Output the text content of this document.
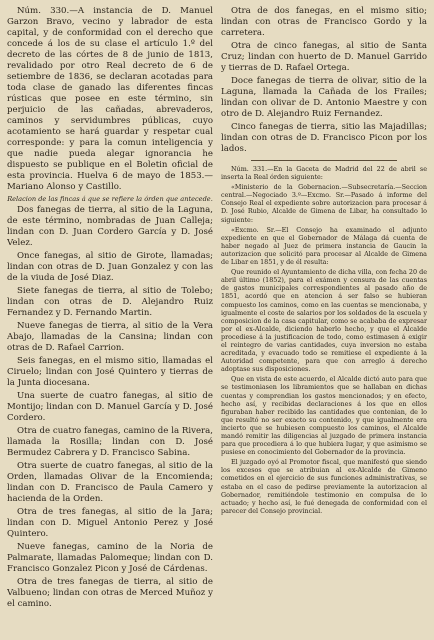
Núm. 330.—A instancia de D. Manuel Garzon Bravo, vecino y labrador de esta capital, y de conformidad con el derecho que concede á los de su clase el artículo 1.º del decreto de las córtes de 8 de junio de 1813, revalidado por otro Real decreto de 6 de setiembre de 1836, se declaran acotadas para toda clase de ganado las diferentes fincas rústicas que posee en este término, sin perjuicio de las cañadas, abrevaderos, caminos y servidumbres públicas, cuyo acotamiento se hará guardar y respetar cual corresponde: y para la comun inteligencia y que nadie pueda alegar ignorancia he dispuesto se publique en el Boletin oficial de esta provincia. Huelva 6 de mayo de 1853.—Mariano Alonso y Castillo.

Relacion de las fincas á que se refiere la órden que antecede.

Dos fanegas de tierra, al sitio de la Laguna, de este término, nombradas de Juan Calleja; lindan con D. Juan Cordero García y D. José Velez.

Once fanegas, al sitio de Girote, llamadas; lindan con otras de D. Juan Gonzalez y con las de la viuda de José Diaz.

Siete fanegas de tierra, al sitio de Tolebo; lindan con otras de D. Alejandro Ruiz Fernandez y D. Fernando Martin.

Nueve fanegas de tierra, al sitio de la Vera Abajo, llamadas de la Cansina; lindan con otras de D. Rafael Carrion.

Seis fanegas, en el mismo sitio, llamadas el Ciruelo; lindan con José Quintero y tierras de la Junta diocesana.

Una suerte de cuatro fanegas, al sitio de Montijo; lindan con D. Manuel García y D. José Cordero.

Otra de cuatro fanegas, camino de la Rivera, llamada la Rosilla; lindan con D. José Bermudez Cabrera y D. Francisco Sabina.

Otra suerte de cuatro fanegas, al sitio de la Orden, llamadas Olivar de la Encomienda; lindan con D. Francisco de Paula Camero y hacienda de la Orden.

Otra de tres fanegas, al sitio de la Jara; lindan con D. Miguel Antonio Perez y José Quintero.

Nueve fanegas, camino de la Noria de Palmarate, llamadas Palomeque; lindan con D. Francisco Gonzalez Picon y José de Cárdenas.

Otra de tres fanegas de tierra, al sitio de Valbueno; lindan con otras de Merced Muñoz y el camino.

Otra de dos fanegas, en el mismo sitio; lindan con otras de Francisco Gordo y la carretera.

Otra de cinco fanegas, al sitio de Santa Cruz; lindan con huerto de D. Manuel Garrido y tierras de D. Rafael Ortega.

Doce fanegas de tierra de olivar, sitio de la Laguna, llamada la Cañada de los Frailes; lindan con olivar de D. Antonio Maestre y con otro de D. Alejandro Ruiz Fernandez.

Cinco fanegas de tierra, sitio las Majadillas; lindan con otras de D. Francisco Picon por los lados.

Núm. 331.—En la Gaceta de Madrid del 22 de abril se inserta la Real órden siguiente:

«Ministerio de la Gobernacion.—Subsecretaría.—Seccion central.—Negociado 3.º—Excmo. Sr.—Pasado á informe del Consejo Real el expediente sobre autorizacion para procesar á D. José Rubio, Alcalde de Gimena de Libar, ha consultado lo siguiente:

«Excmo. Sr.—El Consejo ha examinado el adjunto expediente en que el Gobernador de Málaga dá cuenta de haber negado al Juez de primera instancia de Gaucin la autorizacion que solicitó para procesar al Alcalde de Gimena de Libar en 1851, y de él resulta:

Que reunido el Ayuntamiento de dicha villa, con fecha 20 de abril último (1852), para el exámen y censura de las cuentas de gastos municipales correspondientes al pasado año de 1851, acordó que en atencion á ser falso se hubieran compuesto los caminos, como en las cuentas se mencionaba, y igualmente el coste de salarios por los soldados de la escuela y composicion de la casa capitular, como se acababa de expresar por el ex-Alcalde, diciendo haberlo hecho, y que el Alcalde procediese á la justificacion de todo, como estimasen á exigir el reintegro de varias cantidades, cuya inversion no estaba acreditada, y evacuado todo se remitiese el expediente á la Autoridad competente, para que con arreglo á derecho adoptase sus disposiciones.

Que en vista de este acuerdo, el Alcalde dictó auto para que se testimoniasen los libramientos que se hallaban en dichas cuentas y comprendian los gastos mencionados; y en efecto, hecho así, y recibidas declaraciones á los que en ellos figuraban haber recibido las cantidades que contenian, de lo que resultó no ser exacto su contenido, y que igualmente era incierto que se hubiesen compuesto los caminos, el Alcalde mandó remitir las diligencias al juzgado de primera instancia para que procediera á lo que hubiera lugar, y que asimismo se pusiese en conocimiento del Gobernador de la provincia.

El juzgado oyó al Promotor fiscal, que manifestó que siendo los excesos que se atribuian al ex-Alcalde de Gimeno cometidos en el ejercicio de sus funciones administrativas, se estaba en el caso de pedirse previamente la autorizacion al Gobernador, remitiéndole testimonio en compulsa de lo actuado; y hecho así, le fué denegada de conformidad con el parecer del Consejo provincial.
